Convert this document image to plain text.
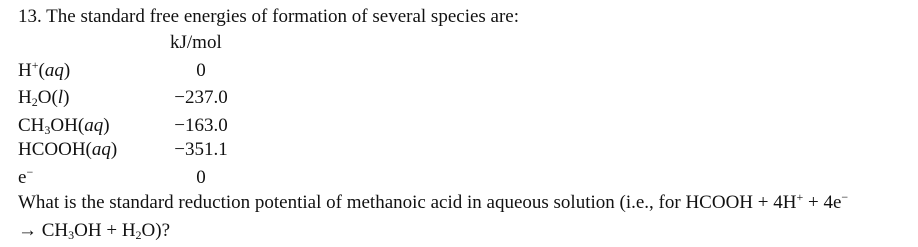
13. The standard free energies of formation of several species are:
kJ/mol
H+(aq)	0
$H_2O(l)$	−237.0
$CH_3OH(aq)$	−163.0
HCOOH(aq)	−351.1
e−	0
What is the standard reduction potential of methanoic acid in aqueous solution (i.e., for HCOOH + 4H+ + 4e−
→ $CH_3OH + H_2O$)?
